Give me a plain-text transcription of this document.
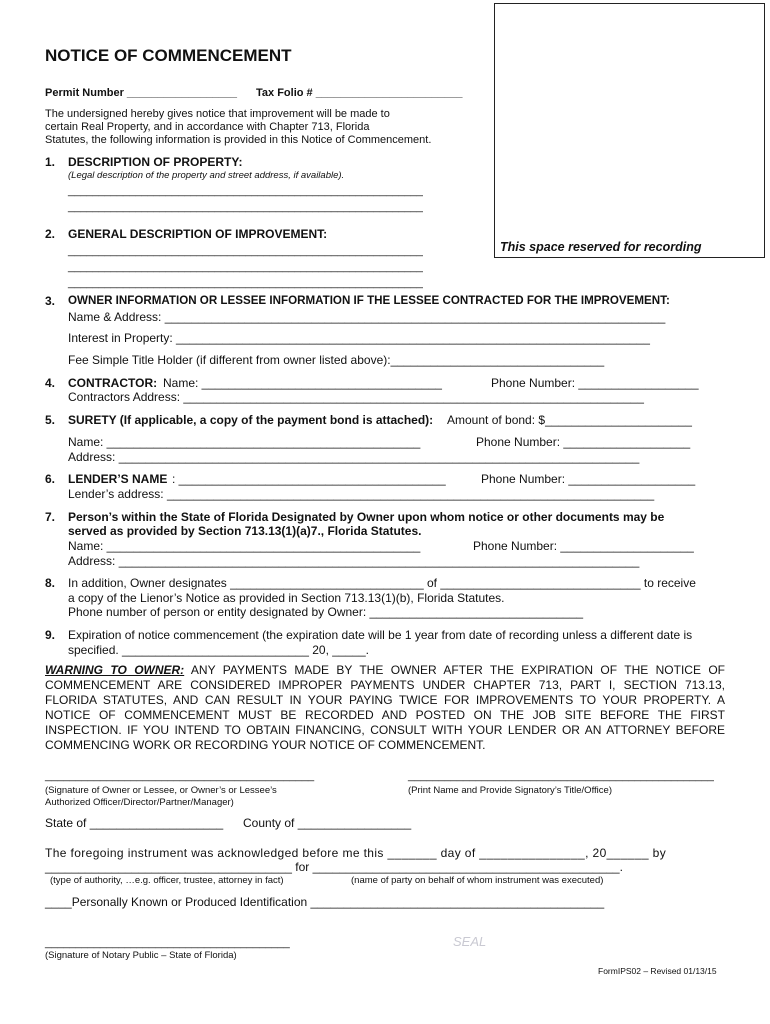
This space reserved for recording
NOTICE OF COMMENCEMENT
Permit Number __________________ Tax Folio # ________________________
The undersigned hereby gives notice that improvement will be made to
certain Real Property, and in accordance with Chapter 713, Florida
Statutes, the following information is provided in this Notice of Commencement.
1. DESCRIPTION OF PROPERTY:
(Legal description of the property and street address, if available).
__________________________________________________________
__________________________________________________________
2. GENERAL DESCRIPTION OF IMPROVEMENT:
__________________________________________________________
__________________________________________________________
__________________________________________________________
3. OWNER INFORMATION OR LESSEE INFORMATION IF THE LESSEE CONTRACTED FOR THE IMPROVEMENT:
Name & Address: ___________________________________________________________________________
Interest in Property: _______________________________________________________________________
Fee Simple Title Holder (if different from owner listed above):________________________________
4. CONTRACTOR: Name: ____________________________________	Phone Number: __________________
Contractors Address: _____________________________________________________________________
5. SURETY (If applicable, a copy of the payment bond is attached): Amount of bond: $______________________
Name: _______________________________________________	Phone Number: ___________________
Address: ______________________________________________________________________________
6. LENDER’S NAME : ________________________________________	Phone Number: ___________________
Lender’s address: _________________________________________________________________________
7. Person’s within the State of Florida Designated by Owner upon whom notice or other documents may be
served as provided by Section 713.13(1)(a)7., Florida Statutes.
Name: _______________________________________________	Phone Number: ____________________
Address: ______________________________________________________________________________
8. In addition, Owner designates _____________________________ of ______________________________ to receive
a copy of the Lienor’s Notice as provided in Section 713.13(1)(b), Florida Statutes.
Phone number of person or entity designated by Owner: ________________________________
9. Expiration of notice commencement (the expiration date will be 1 year from date of recording unless a different date is
specified. ____________________________ 20, _____.
WARNING TO OWNER: ANY PAYMENTS MADE BY THE OWNER AFTER THE EXPIRATION OF THE NOTICE OF COMMENCEMENT ARE CONSIDERED IMPROPER PAYMENTS UNDER CHAPTER 713, PART I, SECTION 713.13, FLORIDA STATUTES, AND CAN RESULT IN YOUR PAYING TWICE FOR IMPROVEMENTS TO YOUR PROPERTY. A NOTICE OF COMMENCEMENT MUST BE RECORDED AND POSTED ON THE JOB SITE BEFORE THE FIRST INSPECTION. IF YOU INTEND TO OBTAIN FINANCING, CONSULT WITH YOUR LENDER OR AN ATTORNEY BEFORE COMMENCING WORK OR RECORDING YOUR NOTICE OF COMMENCEMENT.
____________________________________________	__________________________________________________
(Signature of Owner or Lessee, or Owner’s or Lessee’s
Authorized Officer/Director/Partner/Manager)
(Print Name and Provide Signatory’s Title/Office)
State of ____________________ County of _________________
The foregoing instrument was acknowledged before me this _______ day of _______________, 20______ by
_____________________________________ for ______________________________________________.
(type of authority, …e.g. officer, trustee, attorney in fact)	(name of party on behalf of whom instrument was executed)
____Personally Known or Produced Identification ____________________________________________
________________________________________
(Signature of Notary Public – State of Florida)
SEAL
FormIPS02 – Revised 01/13/15
